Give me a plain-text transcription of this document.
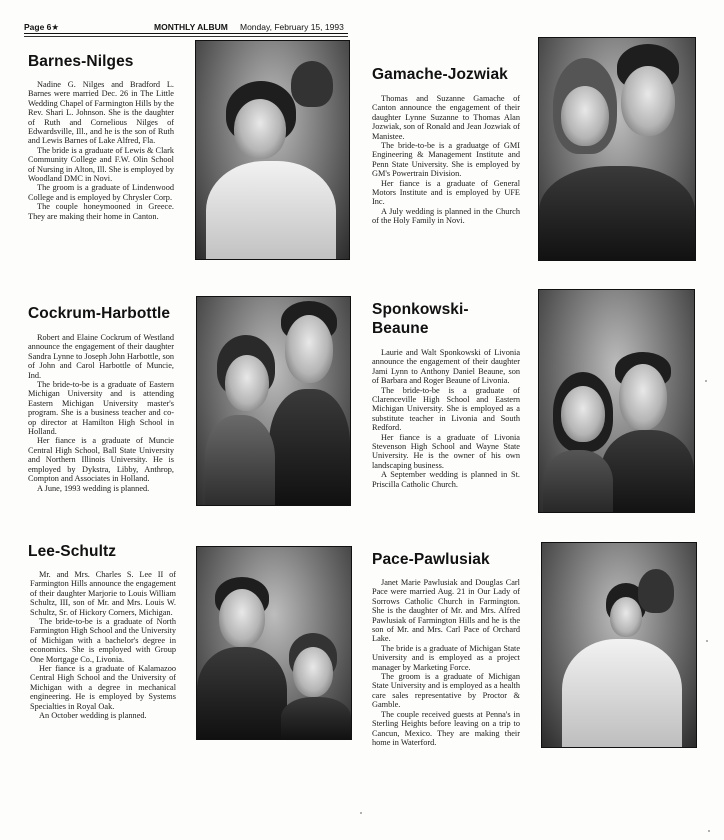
Page 6★	MONTHLY ALBUM Monday, February 15, 1993
Barnes-Nilges

Nadine G. Nilges and Bradford L. Barnes were married Dec. 26 in The Little Wedding Chapel of Farmington Hills by the Rev. Shari L. Johnson. She is the daughter of Ruth and Cornelious Nilges of Edwardsville, Ill., and he is the son of Ruth and Lewis Barnes of Lake Alfred, Fla.

The bride is a graduate of Lewis & Clark Community College and F.W. Olin School of Nursing in Alton, Ill. She is employed by Woodland DMC in Novi.

The groom is a graduate of Lindenwood College and is employed by Chrysler Corp.

The couple honeymooned in Greece. They are making their home in Canton.

Gamache-Jozwiak

Thomas and Suzanne Gamache of Canton announce the engagement of their daughter Lynne Suzanne to Thomas Alan Jozwiak, son of Ronald and Jean Jozwiak of Manistee.

The bride-to-be is a graduatge of GMI Engineering & Management Institute and Penn State University. She is employed by GM's Powertrain Division.

Her fiance is a graduate of General Motors Institute and is employed by UFE Inc.

A July wedding is planned in the Church of the Holy Family in Novi.

Cockrum-Harbottle

Robert and Elaine Cockrum of Westland announce the engagement of their daughter Sandra Lynne to Joseph John Harbottle, son of John and Carol Harbottle of Muncie, Ind.

The bride-to-be is a graduate of Eastern Michigan University and is attending Eastern Michigan University master's program. She is a business teacher and co-op director at Hamilton High School in Holland.

Her fiance is a graduate of Muncie Central High School, Ball State University and Northern Illinois University. He is employed by Dykstra, Libby, Anthrop, Compton and Associates in Holland.

A June, 1993 wedding is planned.

Sponkowski-Beaune

Laurie and Walt Sponkowski of Livonia announce the engagement of their daughter Jami Lynn to Anthony Daniel Beaune, son of Barbara and Roger Beaune of Livonia.

The bride-to-be is a graduate of Clarenceville High School and Eastern Michigan University. She is employed as a substitute teacher in Livonia and South Redford.

Her fiance is a graduate of Livonia Stevenson High School and Wayne State University. He is the owner of his own landscaping business.

A September wedding is planned in St. Priscilla Catholic Church.

Lee-Schultz

Mr. and Mrs. Charles S. Lee II of Farmington Hills announce the engagement of their daughter Marjorie to Louis William Schultz, III, son of Mr. and Mrs. Louis W. Schultz, Sr. of Hickory Corners, Michigan.

The bride-to-be is a graduate of North Farmington High School and the University of Michigan with a bachelor's degree in economics. She is employed with Group One Mortgage Co., Livonia.

Her fiance is a graduate of Kalamazoo Central High School and the University of Michigan with a degree in mechanical engineering. He is employed by Systems Specialties in Royal Oak.

An October wedding is planned.

Pace-Pawlusiak

Janet Marie Pawlusiak and Douglas Carl Pace were married Aug. 21 in Our Lady of Sorrows Catholic Church in Farmington. She is the daughter of Mr. and Mrs. Alfred Pawlusiak of Farmington Hills and he is the son of Mr. and Mrs. Carl Pace of Orchard Lake.

The bride is a graduate of Michigan State University and is employed as a project manager by Marketing Force.

The groom is a graduate of Michigan State University and is employed as a health care sales representative by Proctor & Gamble.

The couple received guests at Penna's in Sterling Heights before leaving on a trip to Cancun, Mexico. They are making their home in Waterford.
